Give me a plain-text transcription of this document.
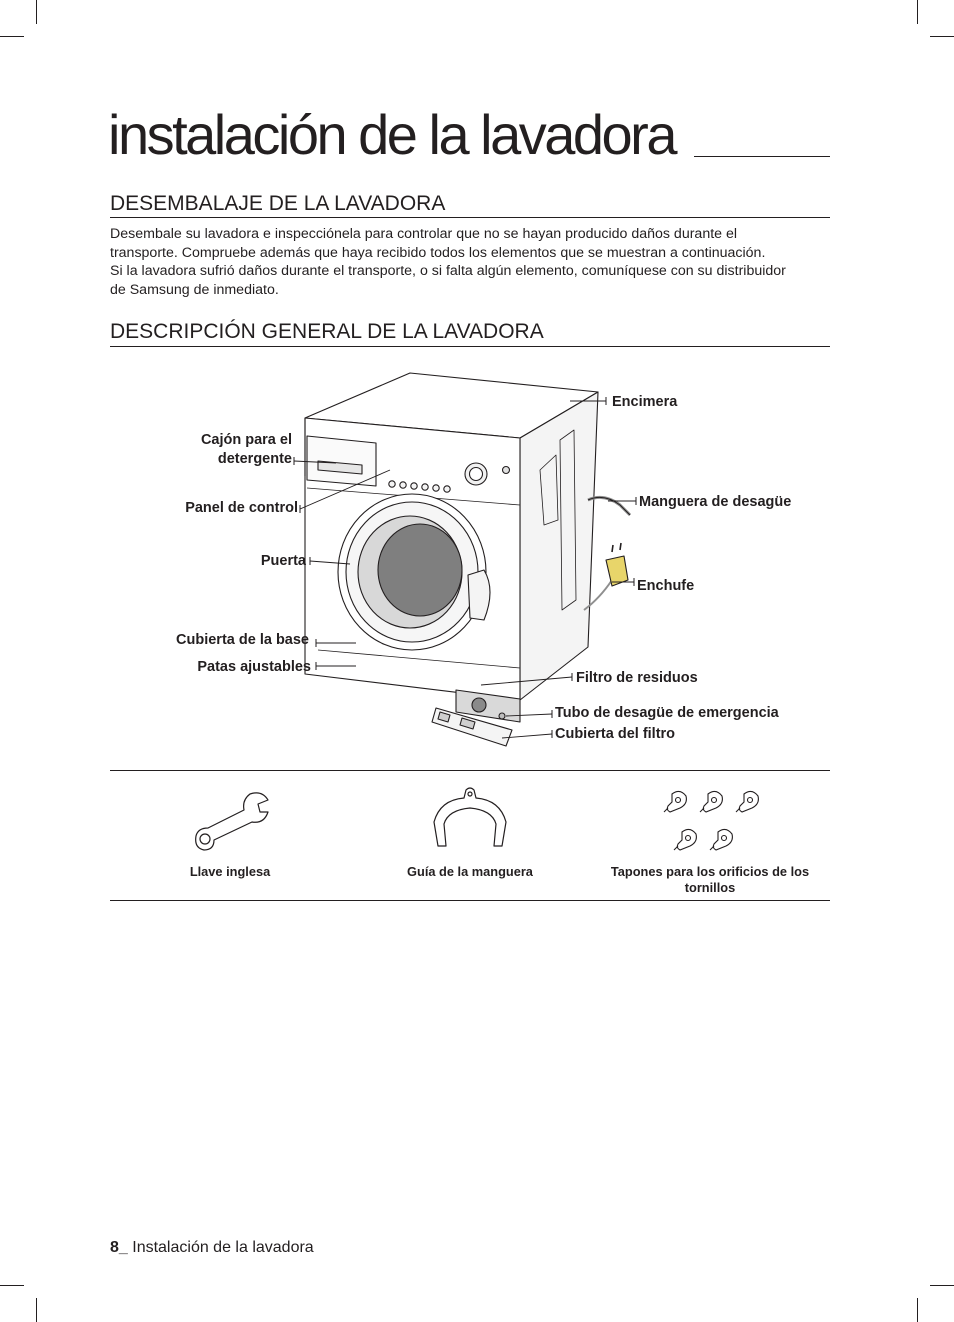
instalación de la lavadora
DESEMBALAJE DE LA LAVADORA

Desembale su lavadora e inspecciónela para controlar que no se hayan producido daños durante el
transporte. Compruebe además que haya recibido todos los elementos que se muestran a continuación.
Si la lavadora sufrió daños durante el transporte, o si falta algún elemento, comuníquese con su distribuidor
de Samsung de inmediato.

DESCRIPCIÓN GENERAL DE LA LAVADORA
Cajón para el
detergente
Panel de control
Puerta
Cubierta de la base
Patas ajustables
Encimera
Manguera de desagüe
Enchufe
Filtro de residuos
Tubo de desagüe de emergencia
Cubierta del filtro
Llave inglesa	Guía de la manguera	Tapones para los orificios de los
tornillos
8_ Instalación de la lavadora
